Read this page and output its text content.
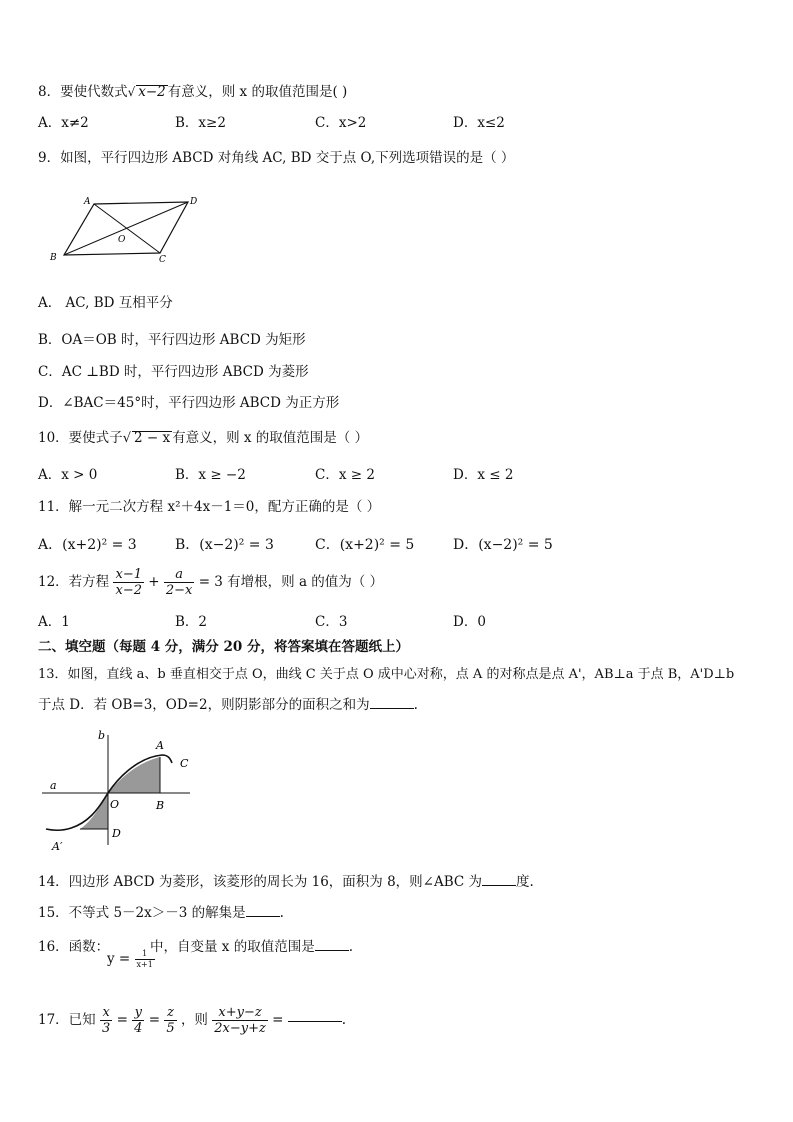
8．要使代数式√ x−2 有意义，则 x 的取值范围是( )
A．x≠2	B．x≥2	C．x>2	D．x≤2
9．如图，平行四边形 ABCD 对角线 AC, BD 交于点 O,下列选项错误的是（ ）
A	D
B	C
O
A． AC, BD 互相平分
B．OA＝OB 时，平行四边形 ABCD 为矩形
C．AC ⊥BD 时，平行四边形 ABCD 为菱形
D．∠BAC＝45°时，平行四边形 ABCD 为正方形
10．要使式子√ 2 − x 有意义，则 x 的取值范围是（ ）
A．x > 0	B．x ≥ −2	C．x ≥ 2	D．x ≤ 2
11．解一元二次方程 x²＋4x－1＝0，配方正确的是（ ）
A．(x+2)² = 3	B．(x−2)² = 3	C．(x+2)² = 5	D．(x−2)² = 5
12．若方程 $\frac{x-1}{x-2} + \frac{a}{2-x} = 3$ 有增根，则 a 的值为（ ）
A．1	B．2	C．3	D．0
二、填空题（每题 4 分，满分 20 分，将答案填在答题纸上）
13．如图，直线 a、b 垂直相交于点 O，曲线 C 关于点 O 成中心对称，点 A 的对称点是点 A'，AB⊥a 于点 B，A'D⊥b
于点 D．若 OB=3，OD=2，则阴影部分的面积之和为	.
b
a
A
C
O	B
D
A′
14．四边形 ABCD 为菱形，该菱形的周长为 16，面积为 8，则∠ABC 为	度.
15．不等式 5－2x＞－3 的解集是	.
16．函数：
$y = \frac{1}{x+1}$
中，自变量 x 的取值范围是	.
17．已知 $\frac{x}{3} = \frac{y}{4} = \frac{z}{5}$ ，则 $\frac{x+y-z}{2x-y+z}$ =	.
